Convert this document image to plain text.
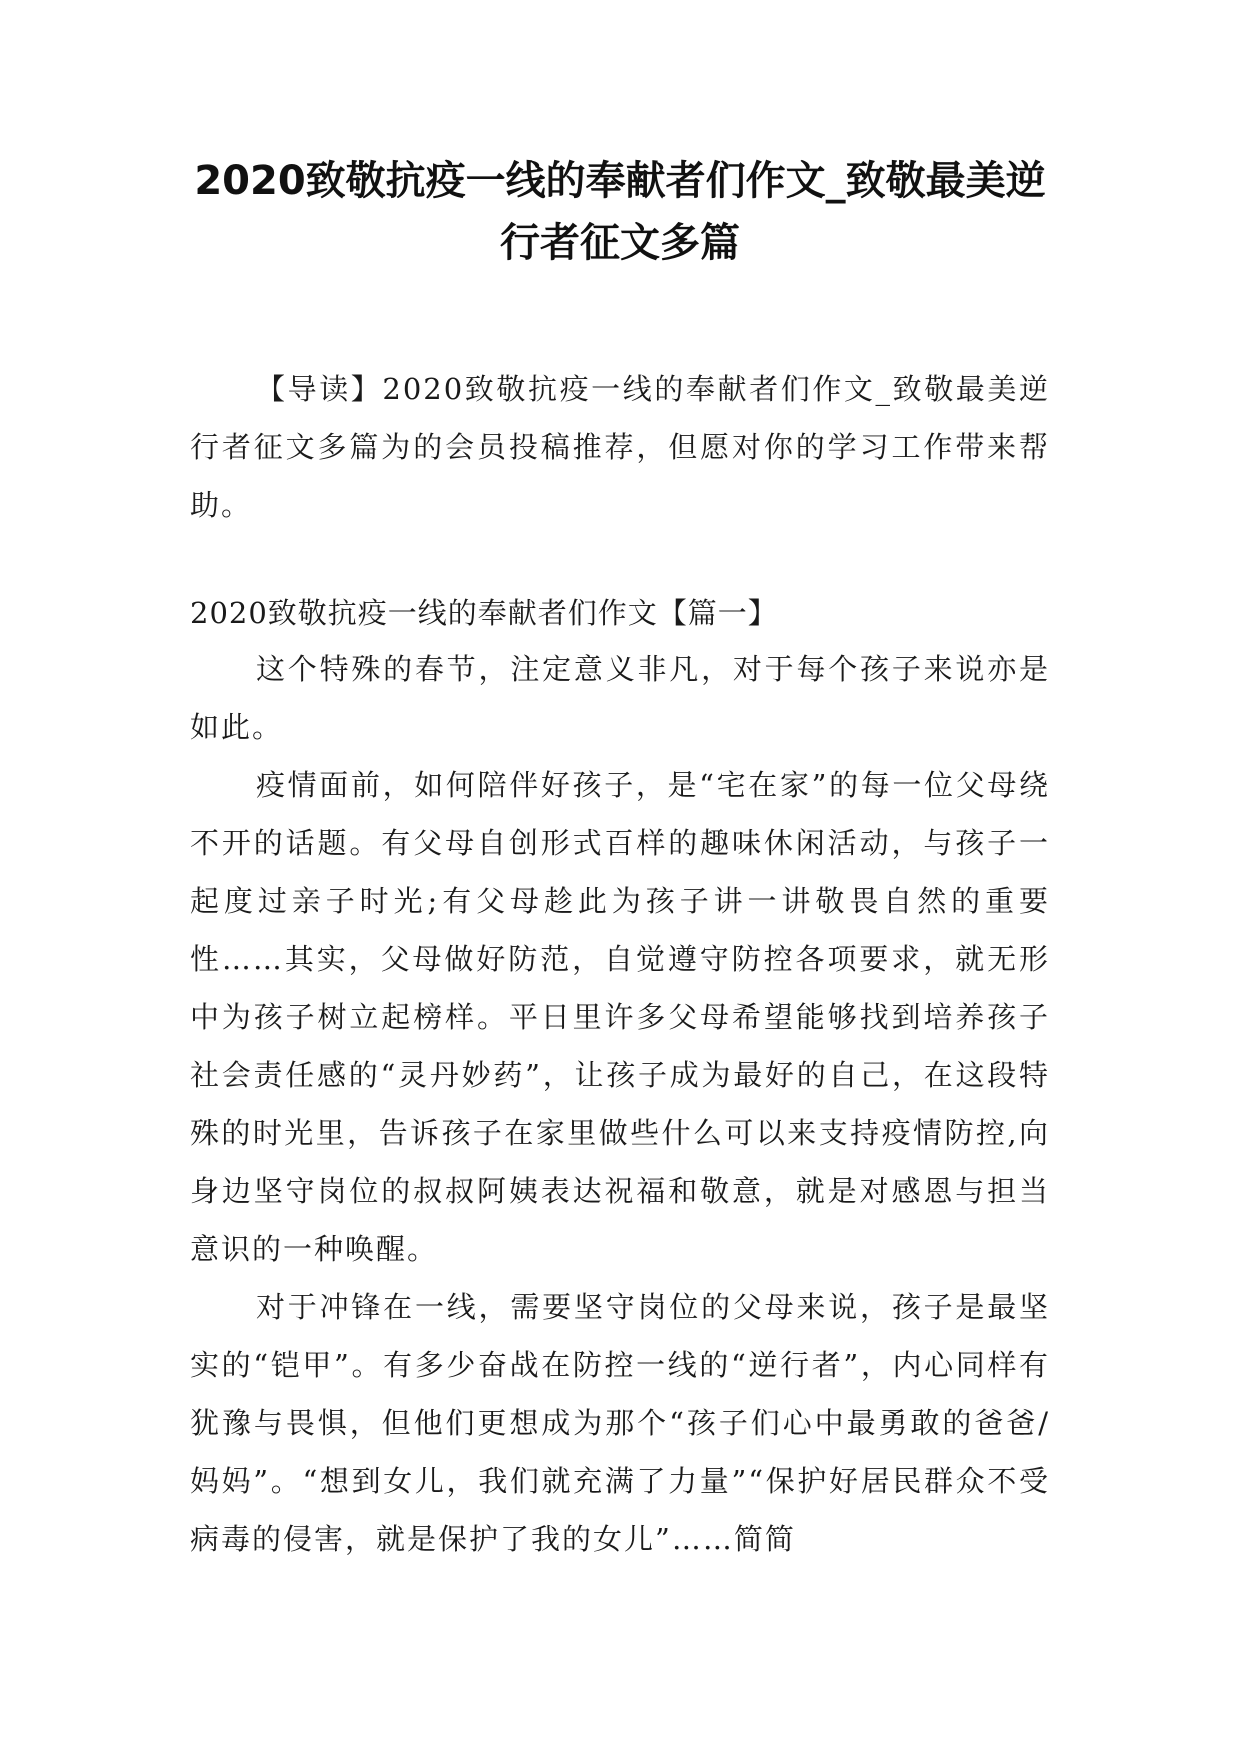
2020致敬抗疫一线的奉献者们作文_致敬最美逆行者征文多篇

【导读】2020致敬抗疫一线的奉献者们作文_致敬最美逆行者征文多篇为的会员投稿推荐，但愿对你的学习工作带来帮助。

2020致敬抗疫一线的奉献者们作文【篇一】

这个特殊的春节，注定意义非凡，对于每个孩子来说亦是如此。

疫情面前，如何陪伴好孩子，是“宅在家”的每一位父母绕不开的话题。有父母自创形式百样的趣味休闲活动，与孩子一起度过亲子时光;有父母趁此为孩子讲一讲敬畏自然的重要性……其实，父母做好防范，自觉遵守防控各项要求，就无形中为孩子树立起榜样。平日里许多父母希望能够找到培养孩子社会责任感的“灵丹妙药”，让孩子成为最好的自己，在这段特殊的时光里，告诉孩子在家里做些什么可以来支持疫情防控,向身边坚守岗位的叔叔阿姨表达祝福和敬意，就是对感恩与担当意识的一种唤醒。

对于冲锋在一线，需要坚守岗位的父母来说，孩子是最坚实的“铠甲”。有多少奋战在防控一线的“逆行者”，内心同样有犹豫与畏惧，但他们更想成为那个“孩子们心中最勇敢的爸爸/妈妈”。“想到女儿，我们就充满了力量”“保护好居民群众不受病毒的侵害，就是保护了我的女儿”……简简
